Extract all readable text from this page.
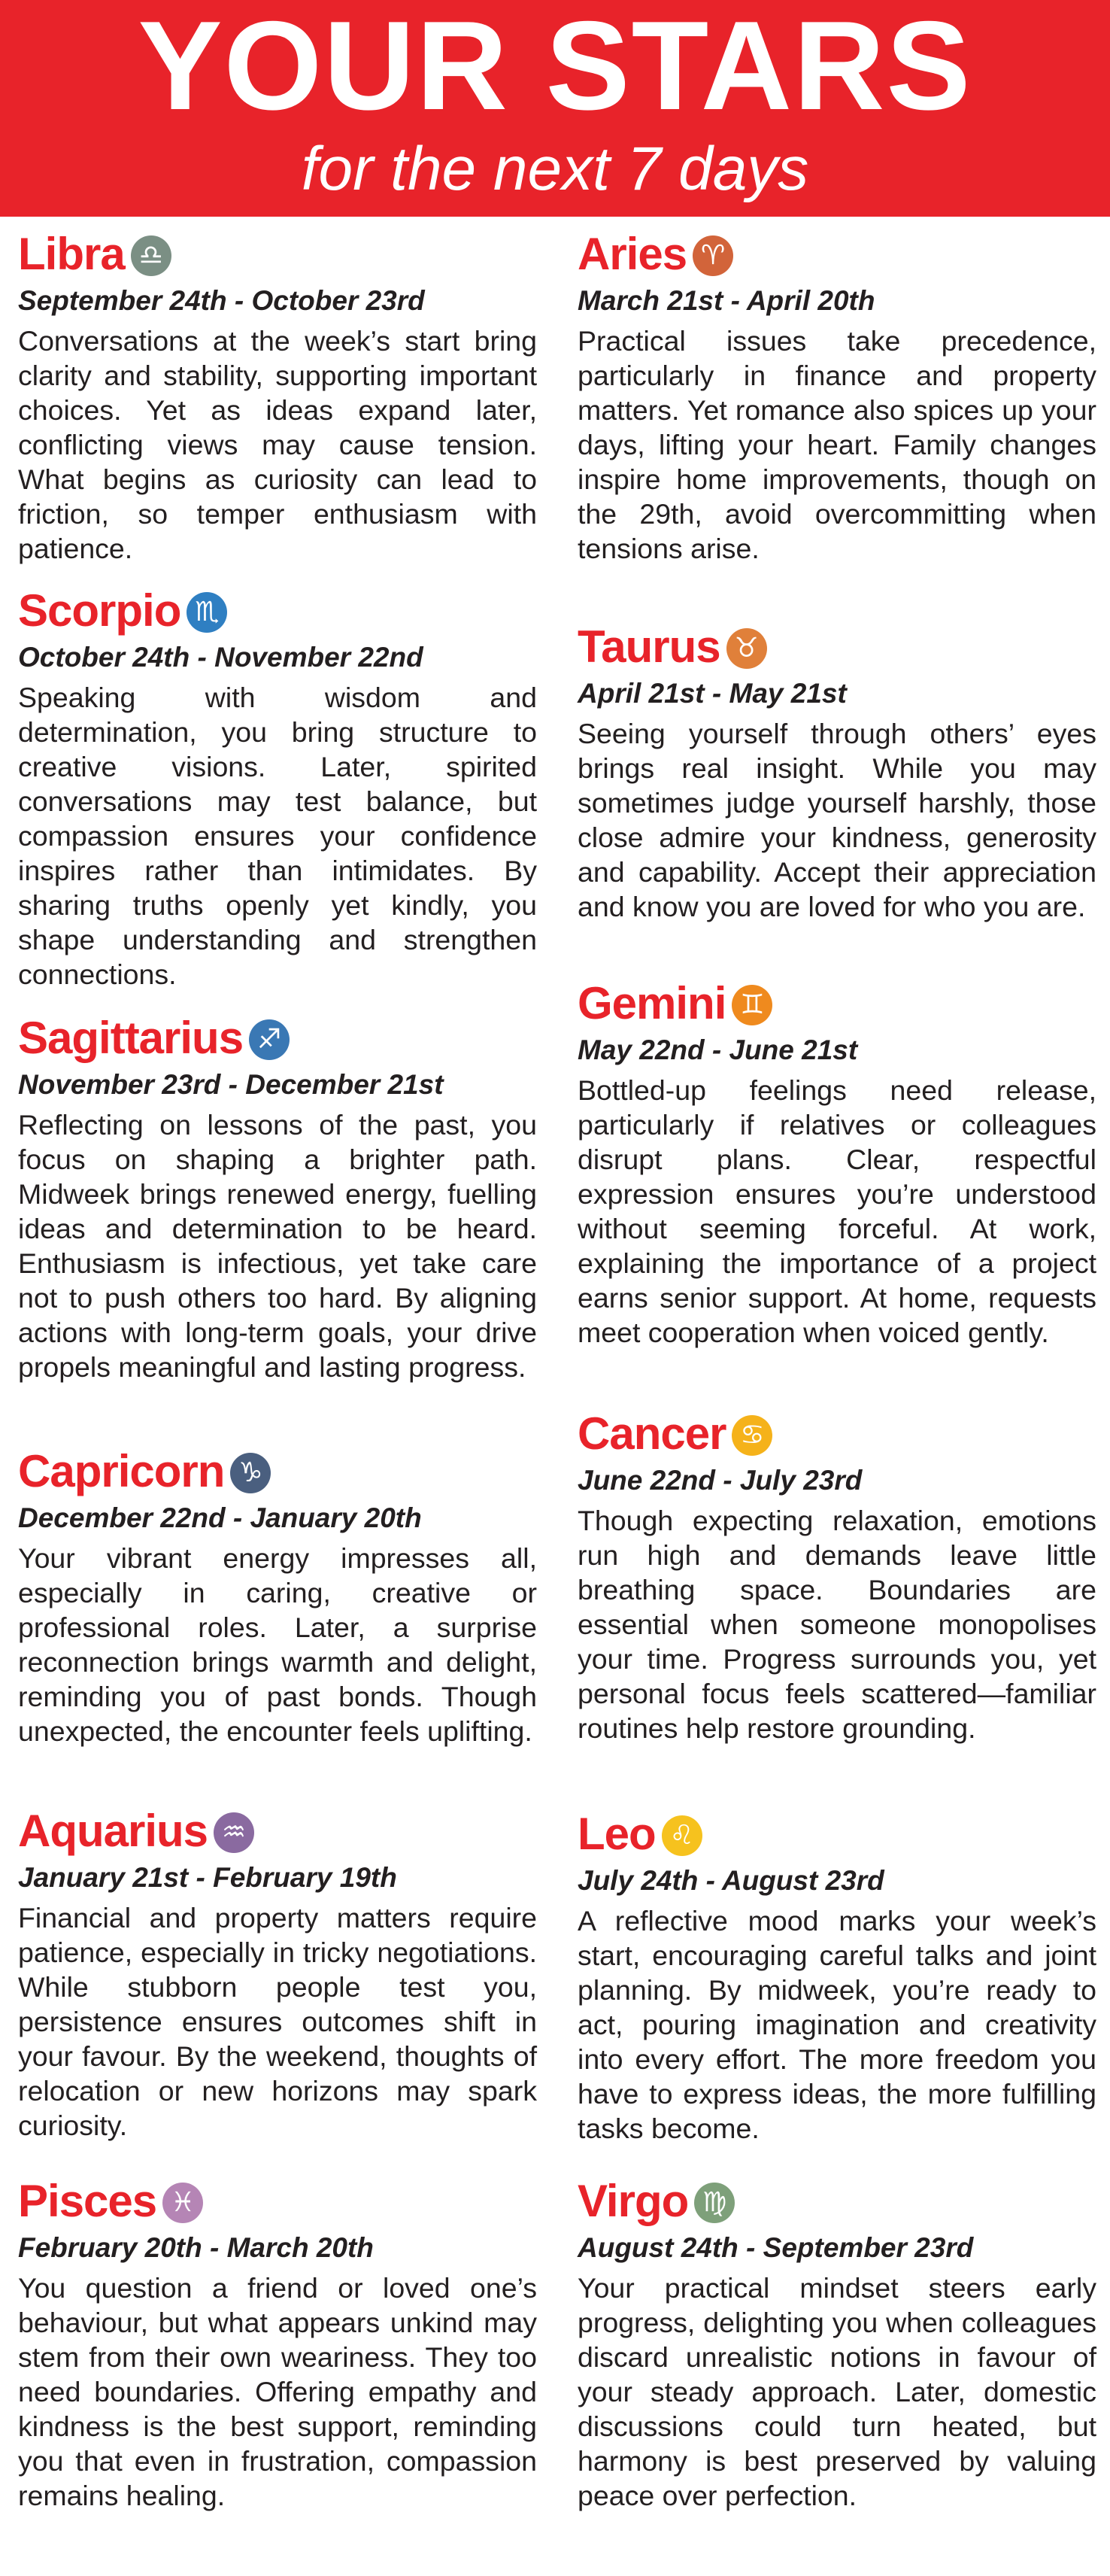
YOUR STARS
for the next 7 days
Libra ♎
September 24th - October 23rd
Conversations at the week’s start bring clarity and stability, supporting important choices. Yet as ideas expand later, conflicting views may cause tension. What begins as curiosity can lead to friction, so temper enthusiasm with patience.
Scorpio ♏
October 24th - November 22nd
Speaking with wisdom and determination, you bring structure to creative visions. Later, spirited conversations may test balance, but compassion ensures your confidence inspires rather than intimidates. By sharing truths openly yet kindly, you shape understanding and strengthen connections.
Sagittarius ♐
November 23rd - December 21st
Reflecting on lessons of the past, you focus on shaping a brighter path. Midweek brings renewed energy, fuelling ideas and determination to be heard. Enthusiasm is infectious, yet take care not to push others too hard. By aligning actions with long-term goals, your drive propels meaningful and lasting progress.
Capricorn ♑
December 22nd - January 20th
Your vibrant energy impresses all, especially in caring, creative or professional roles. Later, a surprise reconnection brings warmth and delight, reminding you of past bonds. Though unexpected, the encounter feels uplifting.
Aquarius ♒
January 21st - February 19th
Financial and property matters require patience, especially in tricky negotiations. While stubborn people test you, persistence ensures outcomes shift in your favour. By the weekend, thoughts of relocation or new horizons may spark curiosity.
Pisces ♓
February 20th - March 20th
You question a friend or loved one’s behaviour, but what appears unkind may stem from their own weariness. They too need boundaries. Offering empathy and kindness is the best support, reminding you that even in frustration, compassion remains healing.
Aries ♈
March 21st - April 20th
Practical issues take precedence, particularly in finance and property matters. Yet romance also spices up your days, lifting your heart. Family changes inspire home improvements, though on the 29th, avoid overcommitting when tensions arise.
Taurus ♉
April 21st - May 21st
Seeing yourself through others’ eyes brings real insight. While you may sometimes judge yourself harshly, those close admire your kindness, generosity and capability. Accept their appreciation and know you are loved for who you are.
Gemini ♊
May 22nd - June 21st
Bottled-up feelings need release, particularly if relatives or colleagues disrupt plans. Clear, respectful expression ensures you’re understood without seeming forceful. At work, explaining the importance of a project earns senior support. At home, requests meet cooperation when voiced gently.
Cancer ♋
June 22nd - July 23rd
Though expecting relaxation, emotions run high and demands leave little breathing space. Boundaries are essential when someone monopolises your time. Progress surrounds you, yet personal focus feels scattered—familiar routines help restore grounding.
Leo ♌
July 24th - August 23rd
A reflective mood marks your week’s start, encouraging careful talks and joint planning. By midweek, you’re ready to act, pouring imagination and creativity into every effort. The more freedom you have to express ideas, the more fulfilling tasks become.
Virgo ♍
August 24th - September 23rd
Your practical mindset steers early progress, delighting you when colleagues discard unrealistic notions in favour of your steady approach. Later, domestic discussions could turn heated, but harmony is best preserved by valuing peace over perfection.
